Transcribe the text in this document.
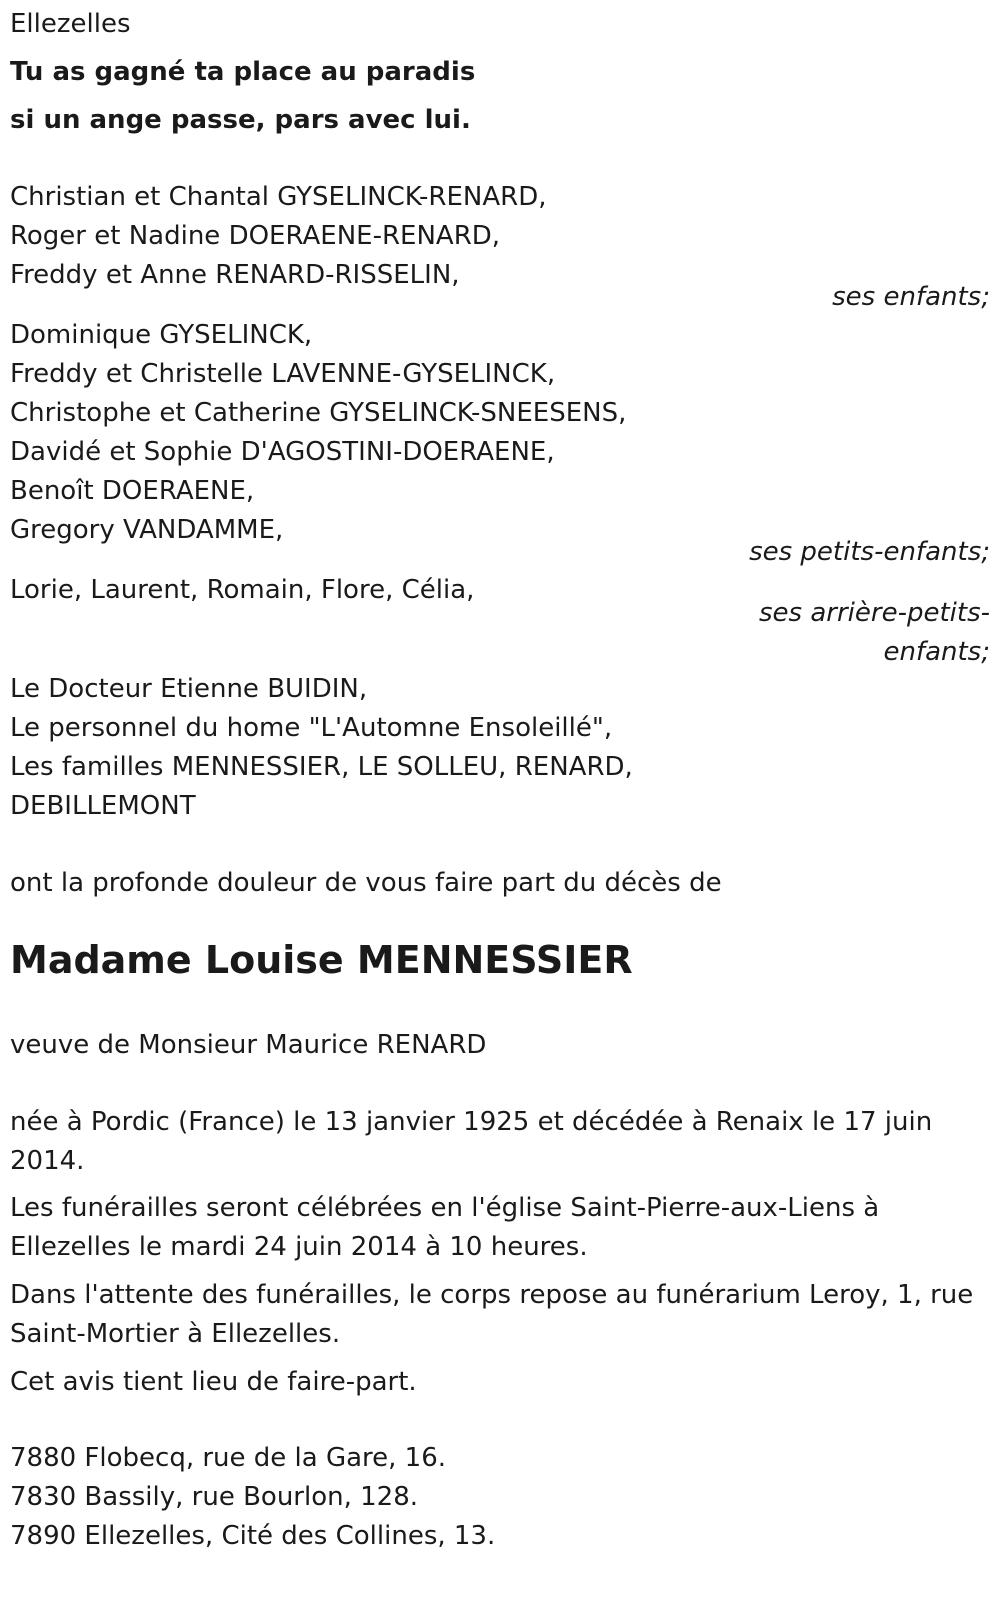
Ellezelles
Tu as gagné ta place au paradis
si un ange passe, pars avec lui.
Christian et Chantal GYSELINCK-RENARD,
Roger et Nadine DOERAENE-RENARD,
Freddy et Anne RENARD-RISSELIN,
ses enfants;
Dominique GYSELINCK,
Freddy et Christelle LAVENNE-GYSELINCK,
Christophe et Catherine GYSELINCK-SNEESENS,
Davidé et Sophie D'AGOSTINI-DOERAENE,
Benoît DOERAENE,
Gregory VANDAMME,
ses petits-enfants;
Lorie, Laurent, Romain, Flore, Célia,
ses arrière-petits-
enfants;
Le Docteur Etienne BUIDIN,
Le personnel du home "L'Automne Ensoleillé",
Les familles MENNESSIER, LE SOLLEU, RENARD,
DEBILLEMONT
ont la profonde douleur de vous faire part du décès de
Madame Louise MENNESSIER
veuve de Monsieur Maurice RENARD
née à Pordic (France) le 13 janvier 1925 et décédée à Renaix le 17 juin
2014.
Les funérailles seront célébrées en l'église Saint-Pierre-aux-Liens à
Ellezelles le mardi 24 juin 2014 à 10 heures.
Dans l'attente des funérailles, le corps repose au funérarium Leroy, 1, rue
Saint-Mortier à Ellezelles.
Cet avis tient lieu de faire-part.
7880 Flobecq, rue de la Gare, 16.
7830 Bassily, rue Bourlon, 128.
7890 Ellezelles, Cité des Collines, 13.
